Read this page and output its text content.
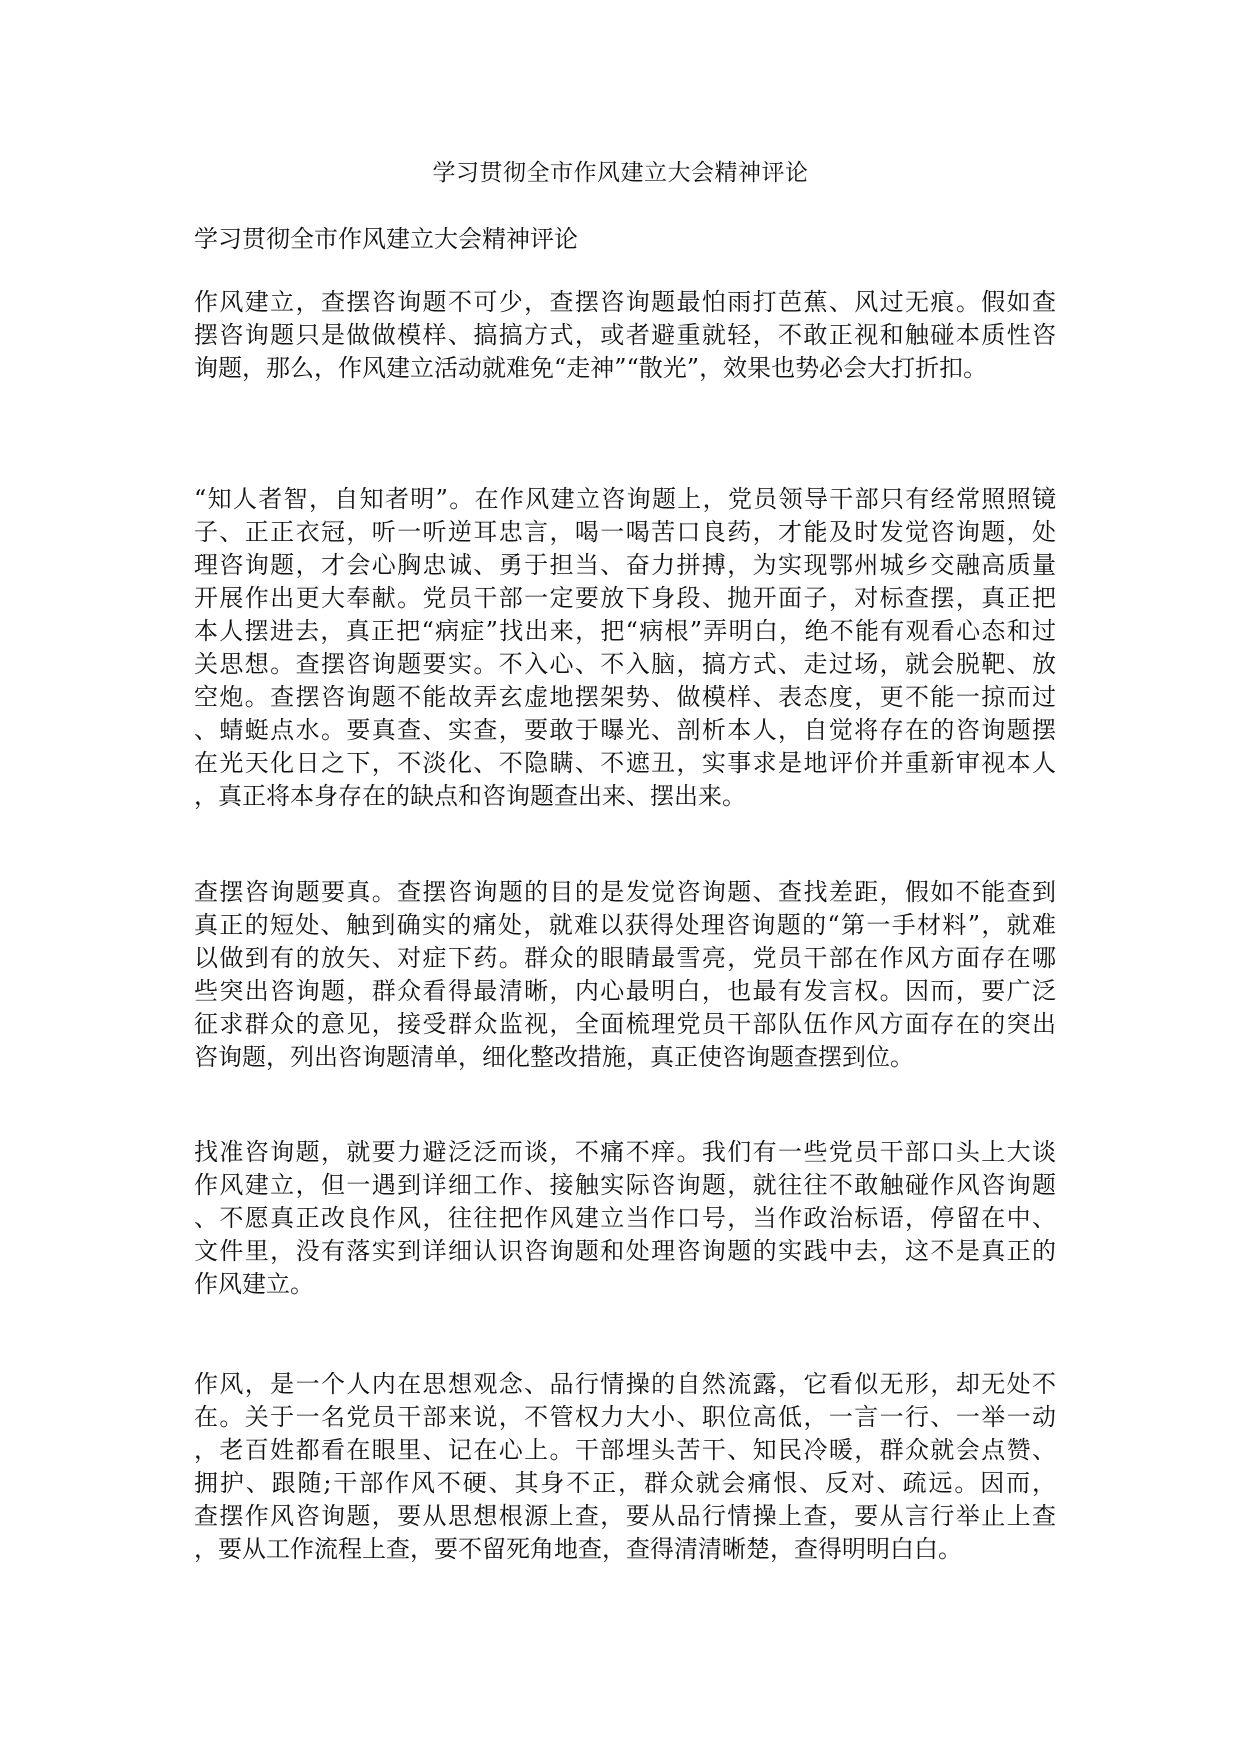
学习贯彻全市作风建立大会精神评论
学习贯彻全市作风建立大会精神评论
作风建立，查摆咨询题不可少，查摆咨询题最怕雨打芭蕉、风过无痕。假如查
摆咨询题只是做做模样、搞搞方式，或者避重就轻，不敢正视和触碰本质性咨
询题，那么，作风建立活动就难免“走神”“散光”，效果也势必会大打折扣。
“知人者智，自知者明”。在作风建立咨询题上，党员领导干部只有经常照照镜
子、正正衣冠，听一听逆耳忠言，喝一喝苦口良药，才能及时发觉咨询题，处
理咨询题，才会心胸忠诚、勇于担当、奋力拼搏，为实现鄂州城乡交融高质量
开展作出更大奉献。党员干部一定要放下身段、抛开面子，对标查摆，真正把
本人摆进去，真正把“病症”找出来，把“病根”弄明白，绝不能有观看心态和过
关思想。查摆咨询题要实。不入心、不入脑，搞方式、走过场，就会脱靶、放
空炮。查摆咨询题不能故弄玄虚地摆架势、做模样、表态度，更不能一掠而过
、蜻蜓点水。要真查、实查，要敢于曝光、剖析本人，自觉将存在的咨询题摆
在光天化日之下，不淡化、不隐瞒、不遮丑，实事求是地评价并重新审视本人
，真正将本身存在的缺点和咨询题查出来、摆出来。
查摆咨询题要真。查摆咨询题的目的是发觉咨询题、查找差距，假如不能查到
真正的短处、触到确实的痛处，就难以获得处理咨询题的“第一手材料”，就难
以做到有的放矢、对症下药。群众的眼睛最雪亮，党员干部在作风方面存在哪
些突出咨询题，群众看得最清晰，内心最明白，也最有发言权。因而，要广泛
征求群众的意见，接受群众监视，全面梳理党员干部队伍作风方面存在的突出
咨询题，列出咨询题清单，细化整改措施，真正使咨询题查摆到位。
找准咨询题，就要力避泛泛而谈，不痛不痒。我们有一些党员干部口头上大谈
作风建立，但一遇到详细工作、接触实际咨询题，就往往不敢触碰作风咨询题
、不愿真正改良作风，往往把作风建立当作口号，当作政治标语，停留在中、
文件里，没有落实到详细认识咨询题和处理咨询题的实践中去，这不是真正的
作风建立。
作风，是一个人内在思想观念、品行情操的自然流露，它看似无形，却无处不
在。关于一名党员干部来说，不管权力大小、职位高低，一言一行、一举一动
，老百姓都看在眼里、记在心上。干部埋头苦干、知民冷暖，群众就会点赞、
拥护、跟随;干部作风不硬、其身不正，群众就会痛恨、反对、疏远。因而，
查摆作风咨询题，要从思想根源上查，要从品行情操上查，要从言行举止上查
，要从工作流程上查，要不留死角地查，查得清清晰楚，查得明明白白。
